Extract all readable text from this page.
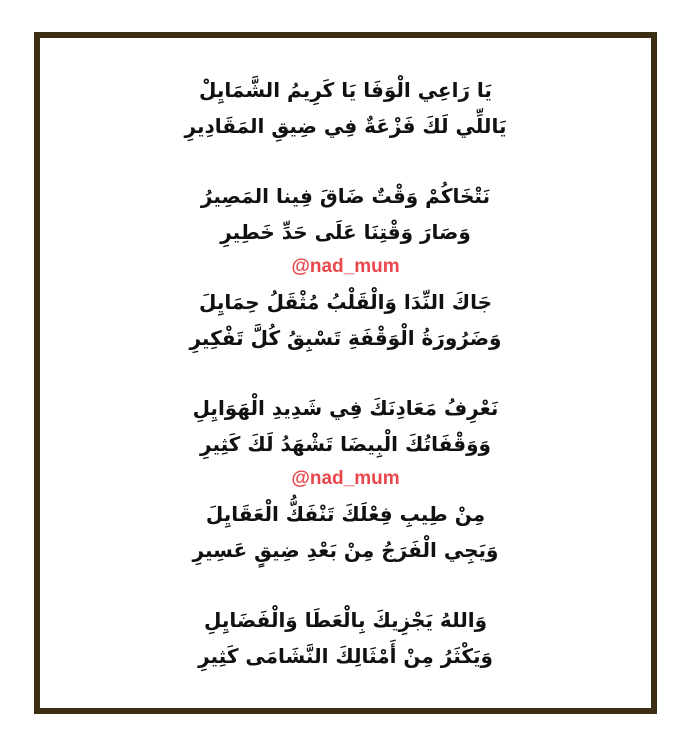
يَا رَاعِي الْوَفَا يَا كَرِيمُ الشَّمَايِلْ
يَاللِّي لَكَ فَزْعَةٌ فِي ضِيقِ المَقَادِيرِ
نَتْخَاكُمْ وَقْتٌ ضَاقَ فِينا المَصِيرُ
وَصَارَ وَقْتِنَا عَلَى حَدِّ خَطِيرِ
@nad_mum
جَاكَ النِّدَا وَالْقَلْبُ مُثْقَلُ حِمَايِلَ
وَضَرُورَةُ الْوَقْفَةِ تَسْبِقُ كُلَّ تَفْكِيرِ
نَعْرِفُ مَعَادِنَكَ فِي شَدِيدِ الْهَوَايِلِ
وَوَقْفَاتُكَ الْبِيضَا تَشْهَدُ لَكَ كَثِيرِ
@nad_mum
مِنْ طِيبِ فِعْلَكَ تَنْفَكُّ الْعَقَايِلَ
وَيَجِي الْفَرَجُ مِنْ بَعْدِ ضِيقٍ عَسِيرِ
وَاللهُ يَجْزِيكَ بِالْعَطَا وَالْفَضَايِلِ
وَيَكْثَرُ مِنْ أَمْثَالِكَ النَّشَامَى كَثِيرِ
